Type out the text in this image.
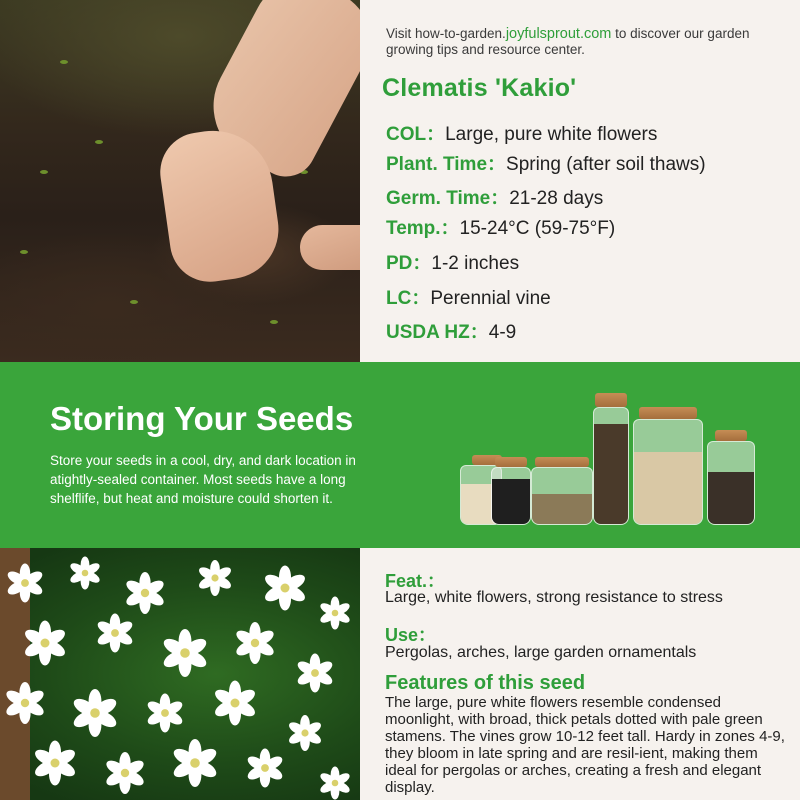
Visit how-to-garden.joyfulsprout.com to discover our garden growing tips and resource center.
Clematis 'Kakio'
COL：Large, pure white flowers
Plant. Time：Spring (after soil thaws)
Germ. Time：21-28 days
Temp.：15-24°C (59-75°F)
PD：1-2 inches
LC：Perennial vine
USDA HZ：4-9
Storing Your Seeds
Store your seeds in a cool, dry, and dark location in atightly-sealed container. Most seeds have a long shelflife, but heat and moisture could shorten it.
Feat.：
Large, white flowers, strong resistance to stress
Use：
Pergolas, arches, large garden ornamentals
Features of this seed
The large, pure white flowers resemble condensed moonlight, with broad, thick petals dotted with pale green stamens. The vines grow 10-12 feet tall. Hardy in zones 4-9, they bloom in late spring and are resil-ient, making them ideal for pergolas or arches, creating a fresh and elegant display.
